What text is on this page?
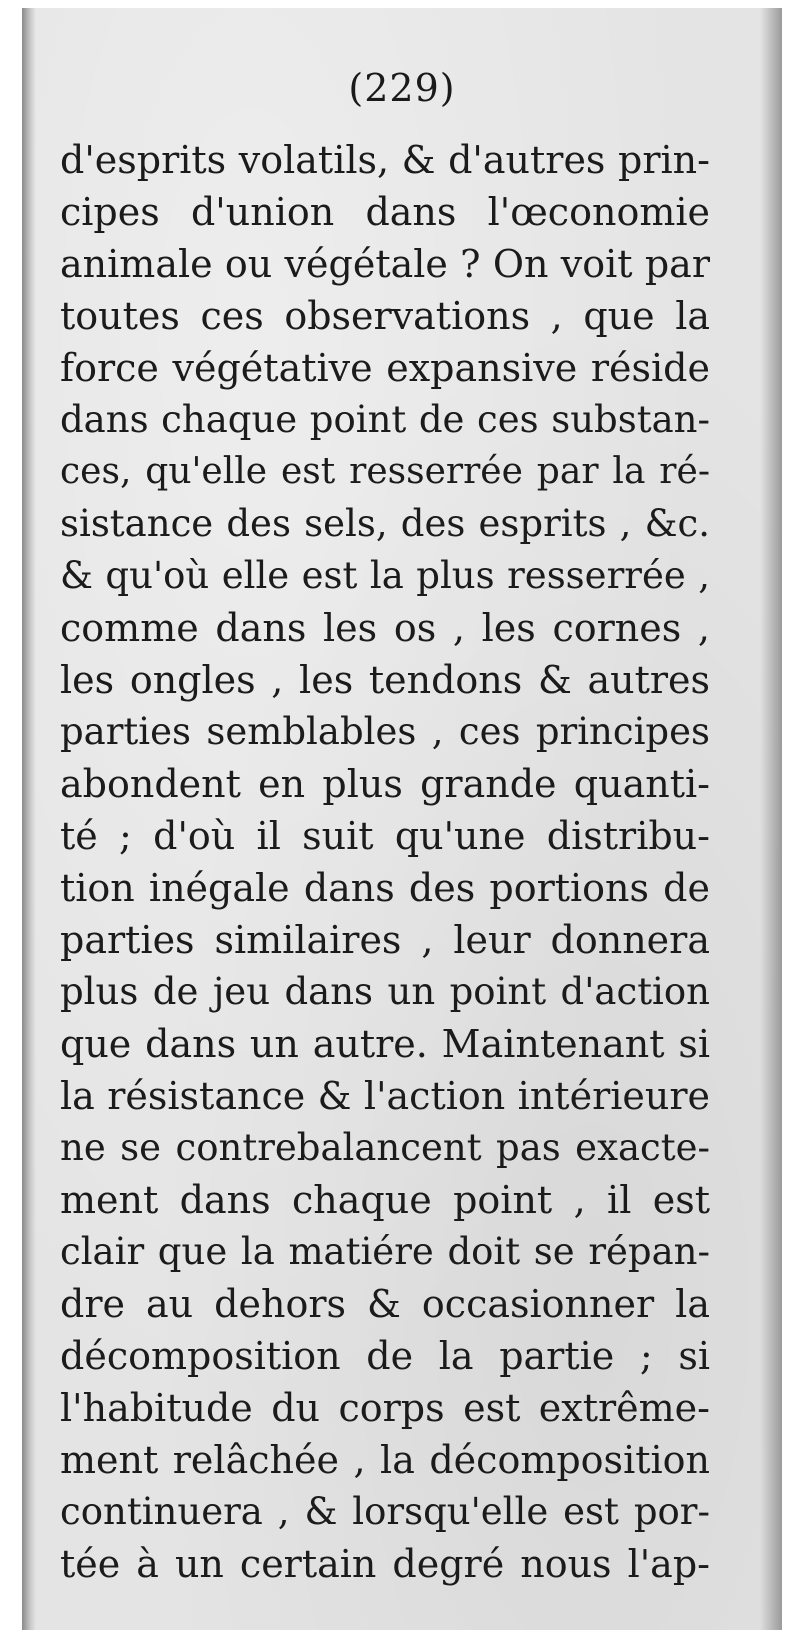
(229)
d'esprits volatils, & d'autres prin-
cipes d'union dans l'œconomie
animale ou végétale ? On voit par
toutes ces observations , que la
force végétative expansive réside
dans chaque point de ces substan-
ces, qu'elle est resserrée par la ré-
sistance des sels, des esprits , &c.
& qu'où elle est la plus resserrée ,
comme dans les os , les cornes ,
les ongles , les tendons & autres
parties semblables , ces principes
abondent en plus grande quanti-
té ; d'où il suit qu'une distribu-
tion inégale dans des portions de
parties similaires , leur donnera
plus de jeu dans un point d'action
que dans un autre. Maintenant si
la résistance & l'action intérieure
ne se contrebalancent pas exacte-
ment dans chaque point , il est
clair que la matiére doit se répan-
dre au dehors & occasionner la
décomposition de la partie ; si
l'habitude du corps est extrême-
ment relâchée , la décomposition
continuera , & lorsqu'elle est por-
tée à un certain degré nous l'ap-
